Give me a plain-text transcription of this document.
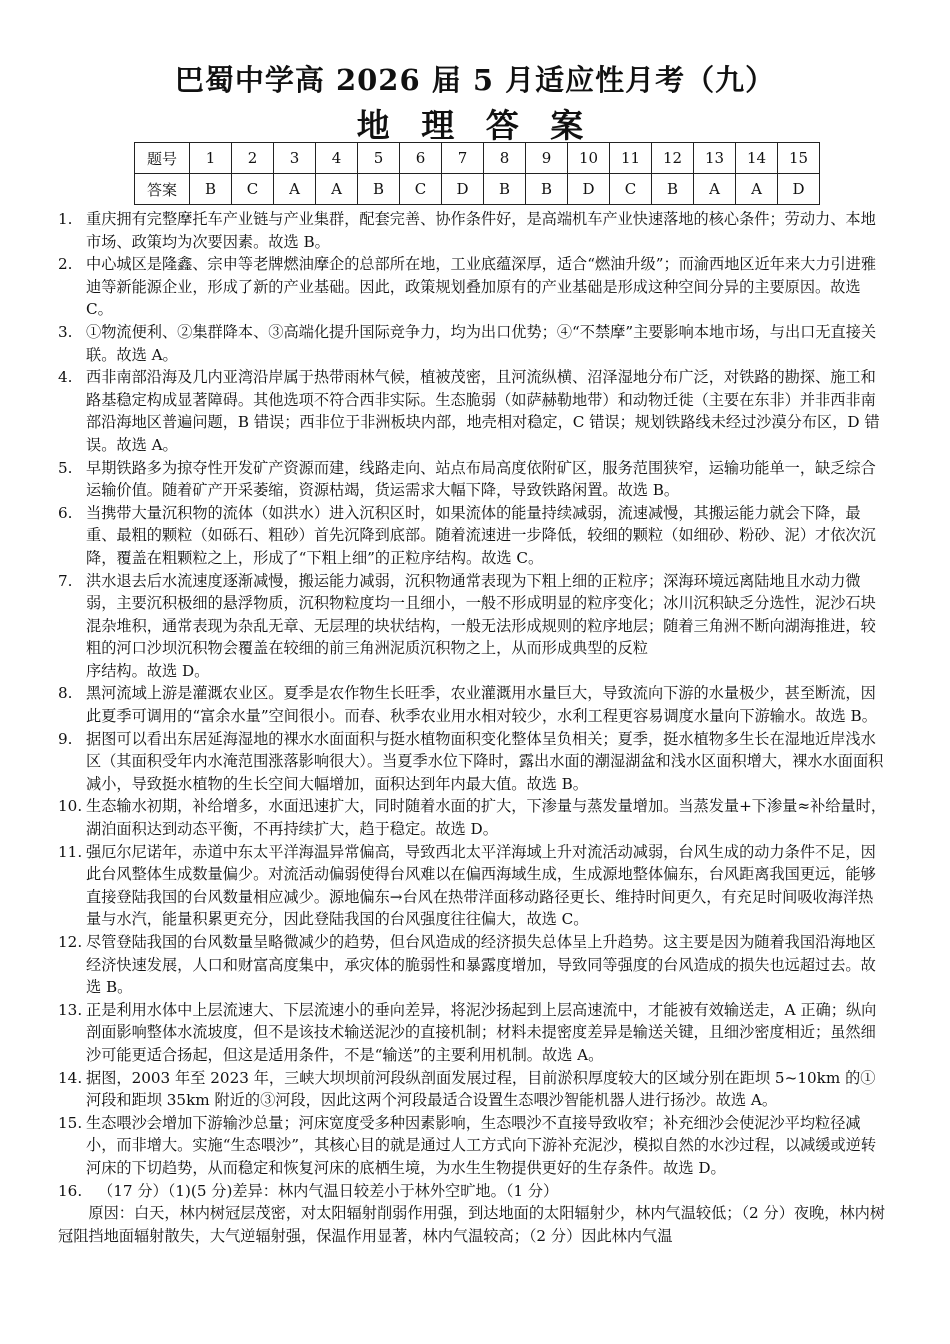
巴蜀中学高 2026 届 5 月适应性月考（九）
地 理 答 案
题号	1	2	3	4	5	6	7	8	9	10	11	12	13	14	15
答案	B	C	A	A	B	C	D	B	B	D	C	B	A	A	D
1. 重庆拥有完整摩托车产业链与产业集群，配套完善、协作条件好，是高端机车产业快速落地的核心条件；劳动力、本地市场、政策均为次要因素。故选 B。
2. 中心城区是隆鑫、宗申等老牌燃油摩企的总部所在地，工业底蕴深厚，适合“燃油升级”；而渝西地区近年来大力引进雅迪等新能源企业，形成了新的产业基础。因此，政策规划叠加原有的产业基础是形成这种空间分异的主要原因。故选 C。
3. ①物流便利、②集群降本、③高端化提升国际竞争力，均为出口优势；④“不禁摩”主要影响本地市场，与出口无直接关联。故选 A。
4. 西非南部沿海及几内亚湾沿岸属于热带雨林气候，植被茂密，且河流纵横、沼泽湿地分布广泛，对铁路的勘探、施工和路基稳定构成显著障碍。其他选项不符合西非实际。生态脆弱（如萨赫勒地带）和动物迁徙（主要在东非）并非西非南部沿海地区普遍问题，B 错误；西非位于非洲板块内部，地壳相对稳定，C 错误；规划铁路线未经过沙漠分布区，D 错误。故选 A。
5. 早期铁路多为掠夺性开发矿产资源而建，线路走向、站点布局高度依附矿区，服务范围狭窄，运输功能单一，缺乏综合运输价值。随着矿产开采萎缩，资源枯竭，货运需求大幅下降，导致铁路闲置。故选 B。
6. 当携带大量沉积物的流体（如洪水）进入沉积区时，如果流体的能量持续减弱，流速减慢，其搬运能力就会下降，最重、最粗的颗粒（如砾石、粗砂）首先沉降到底部。随着流速进一步降低，较细的颗粒（如细砂、粉砂、泥）才依次沉降，覆盖在粗颗粒之上，形成了“下粗上细”的正粒序结构。故选 C。
7. 洪水退去后水流速度逐渐减慢，搬运能力减弱，沉积物通常表现为下粗上细的正粒序；深海环境远离陆地且水动力微弱，主要沉积极细的悬浮物质，沉积物粒度均一且细小，一般不形成明显的粒序变化；冰川沉积缺乏分选性，泥沙石块混杂堆积，通常表现为杂乱无章、无层理的块状结构，一般无法形成规则的粒序地层；随着三角洲不断向湖海推进，较粗的河口沙坝沉积物会覆盖在较细的前三角洲泥质沉积物之上，从而形成典型的反粒
序结构。故选 D。
8. 黑河流域上游是灌溉农业区。夏季是农作物生长旺季，农业灌溉用水量巨大，导致流向下游的水量极少，甚至断流，因此夏季可调用的“富余水量”空间很小。而春、秋季农业用水相对较少，水利工程更容易调度水量向下游输水。故选 B。
9. 据图可以看出东居延海湿地的裸水水面面积与挺水植物面积变化整体呈负相关；夏季，挺水植物多生长在湿地近岸浅水区（其面积受年内水淹范围涨落影响很大）。当夏季水位下降时，露出水面的潮湿湖盆和浅水区面积增大，裸水水面面积减小，导致挺水植物的生长空间大幅增加，面积达到年内最大值。故选 B。
10. 生态输水初期，补给增多，水面迅速扩大，同时随着水面的扩大，下渗量与蒸发量增加。当蒸发量+下渗量≈补给量时，湖泊面积达到动态平衡，不再持续扩大，趋于稳定。故选 D。
11. 强厄尔尼诺年，赤道中东太平洋海温异常偏高，导致西北太平洋海域上升对流活动减弱，台风生成的动力条件不足，因此台风整体生成数量偏少。对流活动偏弱使得台风难以在偏西海域生成，生成源地整体偏东，台风距离我国更远，能够直接登陆我国的台风数量相应减少。源地偏东→台风在热带洋面移动路径更长、维持时间更久，有充足时间吸收海洋热量与水汽，能量积累更充分，因此登陆我国的台风强度往往偏大，故选 C。
12. 尽管登陆我国的台风数量呈略微减少的趋势，但台风造成的经济损失总体呈上升趋势。这主要是因为随着我国沿海地区经济快速发展，人口和财富高度集中，承灾体的脆弱性和暴露度增加，导致同等强度的台风造成的损失也远超过去。故选 B。
13. 正是利用水体中上层流速大、下层流速小的垂向差异，将泥沙扬起到上层高速流中，才能被有效输送走，A 正确；纵向剖面影响整体水流坡度，但不是该技术输送泥沙的直接机制；材料未提密度差异是输送关键，且细沙密度相近；虽然细沙可能更适合扬起，但这是适用条件，不是“输送”的主要利用机制。故选 A。
14. 据图，2003 年至 2023 年，三峡大坝坝前河段纵剖面发展过程，目前淤积厚度较大的区域分别在距坝 5~10km 的①河段和距坝 35km 附近的③河段，因此这两个河段最适合设置生态喂沙智能机器人进行扬沙。故选 A。
15. 生态喂沙会增加下游输沙总量；河床宽度受多种因素影响，生态喂沙不直接导致收窄；补充细沙会使泥沙平均粒径减小，而非增大。实施“生态喂沙”，其核心目的就是通过人工方式向下游补充泥沙，模拟自然的水沙过程，以减缓或逆转河床的下切趋势，从而稳定和恢复河床的底栖生境，为水生生物提供更好的生存条件。故选 D。
16. （17 分）（1)(5 分)差异：林内气温日较差小于林外空旷地。（1 分）
原因：白天，林内树冠层茂密，对太阳辐射削弱作用强，到达地面的太阳辐射少，林内气温较低；（2 分）夜晚，林内树冠阻挡地面辐射散失，大气逆辐射强，保温作用显著，林内气温较高；（2 分）因此林内气温
